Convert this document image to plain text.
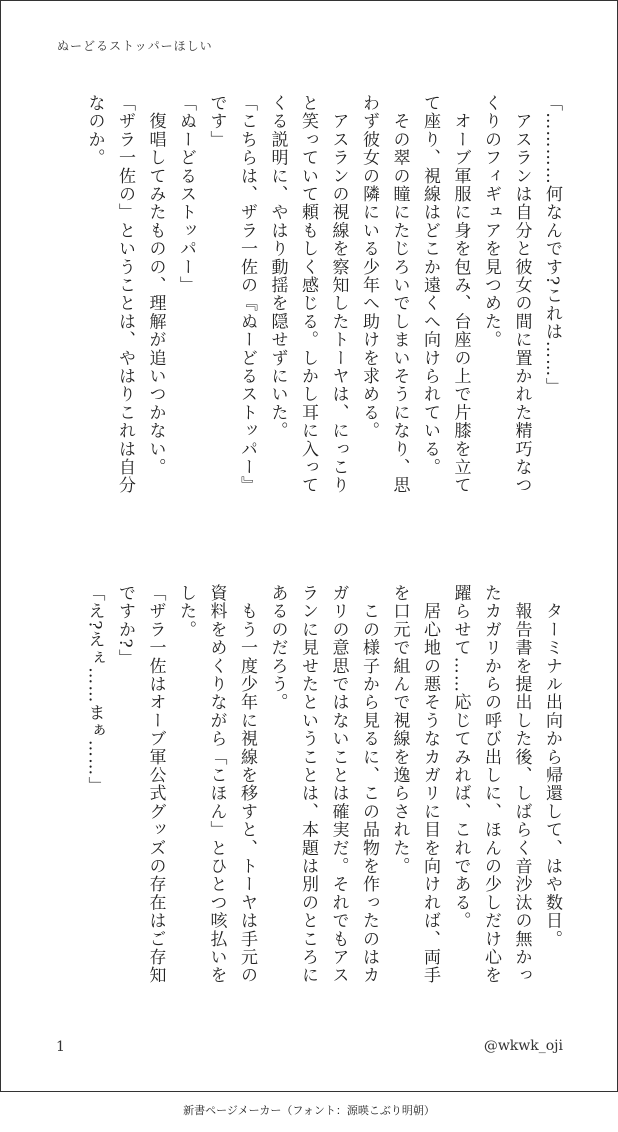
ぬーどるストッパーほしい
「…………何なんです?これは……」
　アスランは自分と彼女の間に置かれた精巧なつ
くりのフィギュアを見つめた。
　オーブ軍服に身を包み、台座の上で片膝を立て
て座り、視線はどこか遠くへ向けられている。
　その翠の瞳にたじろいでしまいそうになり、思
わず彼女の隣にいる少年へ助けを求める。
　アスランの視線を察知したトーヤは、にっこり
と笑っていて頼もしく感じる。しかし耳に入って
くる説明に、やはり動揺を隠せずにいた。
「こちらは、ザラ一佐の『ぬーどるストッパー』
です」
「ぬーどるストッパー」
　復唱してみたものの、理解が追いつかない。
「ザラ一佐の」ということは、やはりこれは自分
なのか。
　ターミナル出向から帰還して、はや数日。
　報告書を提出した後、しばらく音沙汰の無かっ
たカガリからの呼び出しに、ほんの少しだけ心を
躍らせて……応じてみれば、これである。
　居心地の悪そうなカガリに目を向ければ、両手
を口元で組んで視線を逸らされた。
　この様子から見るに、この品物を作ったのはカ
ガリの意思ではないことは確実だ。それでもアス
ランに見せたということは、本題は別のところに
あるのだろう。
　もう一度少年に視線を移すと、トーヤは手元の
資料をめくりながら「こほん」とひとつ咳払いを
した。
「ザラ一佐はオーブ軍公式グッズの存在はご存知
ですか?」
「え?えぇ……まぁ……」
1	@wkwk_oji
新書ページメーカー（フォント：源暎こぶり明朝）
